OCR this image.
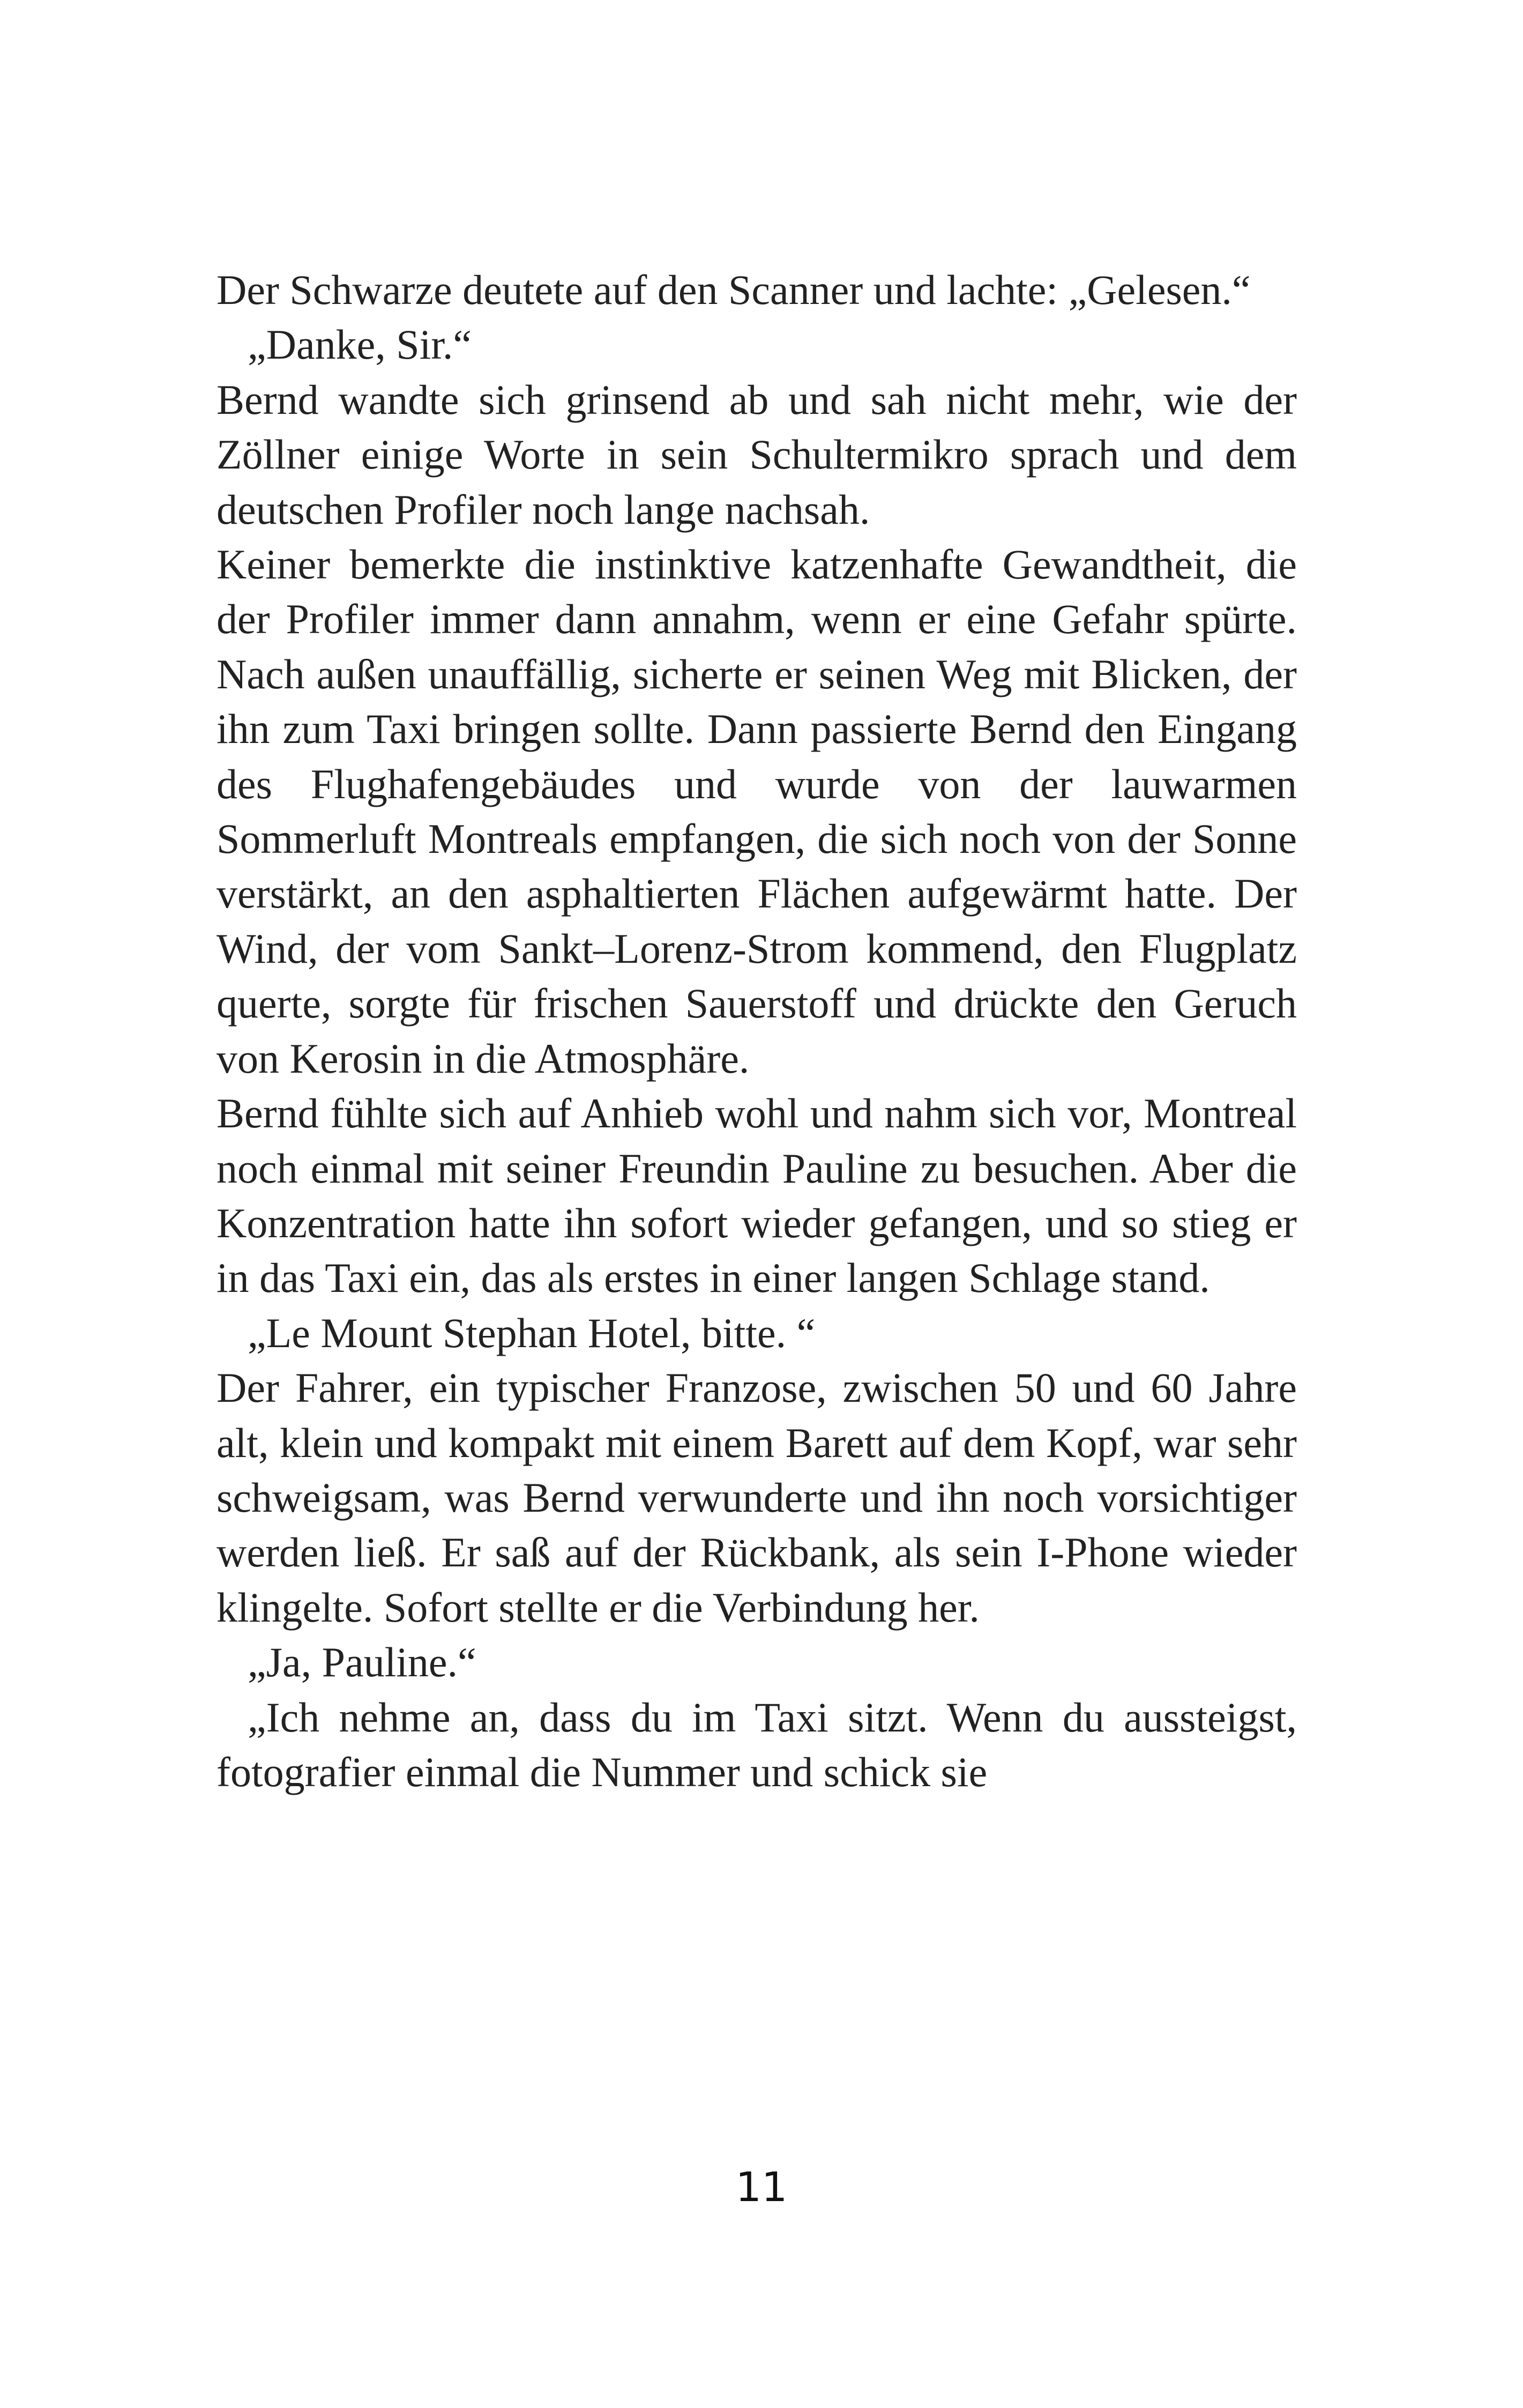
Der Schwarze deutete auf den Scanner und lachte: „Gelesen.“

„Danke, Sir.“

Bernd wandte sich grinsend ab und sah nicht mehr, wie der Zöllner einige Worte in sein Schultermikro sprach und dem deutschen Profiler noch lange nachsah.

Keiner bemerkte die instinktive katzenhafte Gewandtheit, die der Profiler immer dann annahm, wenn er eine Gefahr spürte. Nach außen unauffällig, sicherte er seinen Weg mit Blicken, der ihn zum Taxi bringen sollte. Dann passierte Bernd den Eingang des Flughafengebäudes und wurde von der lauwarmen Sommerluft Montreals empfangen, die sich noch von der Sonne verstärkt, an den asphaltierten Flächen aufgewärmt hatte. Der Wind, der vom Sankt–Lorenz-Strom kommend, den Flugplatz querte, sorgte für frischen Sauerstoff und drückte den Geruch von Kerosin in die Atmosphäre.

Bernd fühlte sich auf Anhieb wohl und nahm sich vor, Montreal noch einmal mit seiner Freundin Pauline zu besuchen. Aber die Konzentration hatte ihn sofort wieder gefangen, und so stieg er in das Taxi ein, das als erstes in einer langen Schlage stand.

„Le Mount Stephan Hotel, bitte. “

Der Fahrer, ein typischer Franzose, zwischen 50 und 60 Jahre alt, klein und kompakt mit einem Barett auf dem Kopf, war sehr schweigsam, was Bernd verwunderte und ihn noch vorsichtiger werden ließ. Er saß auf der Rückbank, als sein I-Phone wieder klingelte. Sofort stellte er die Verbindung her.

„Ja, Pauline.“

„Ich nehme an, dass du im Taxi sitzt. Wenn du aussteigst, fotografier einmal die Nummer und schick sie

11
